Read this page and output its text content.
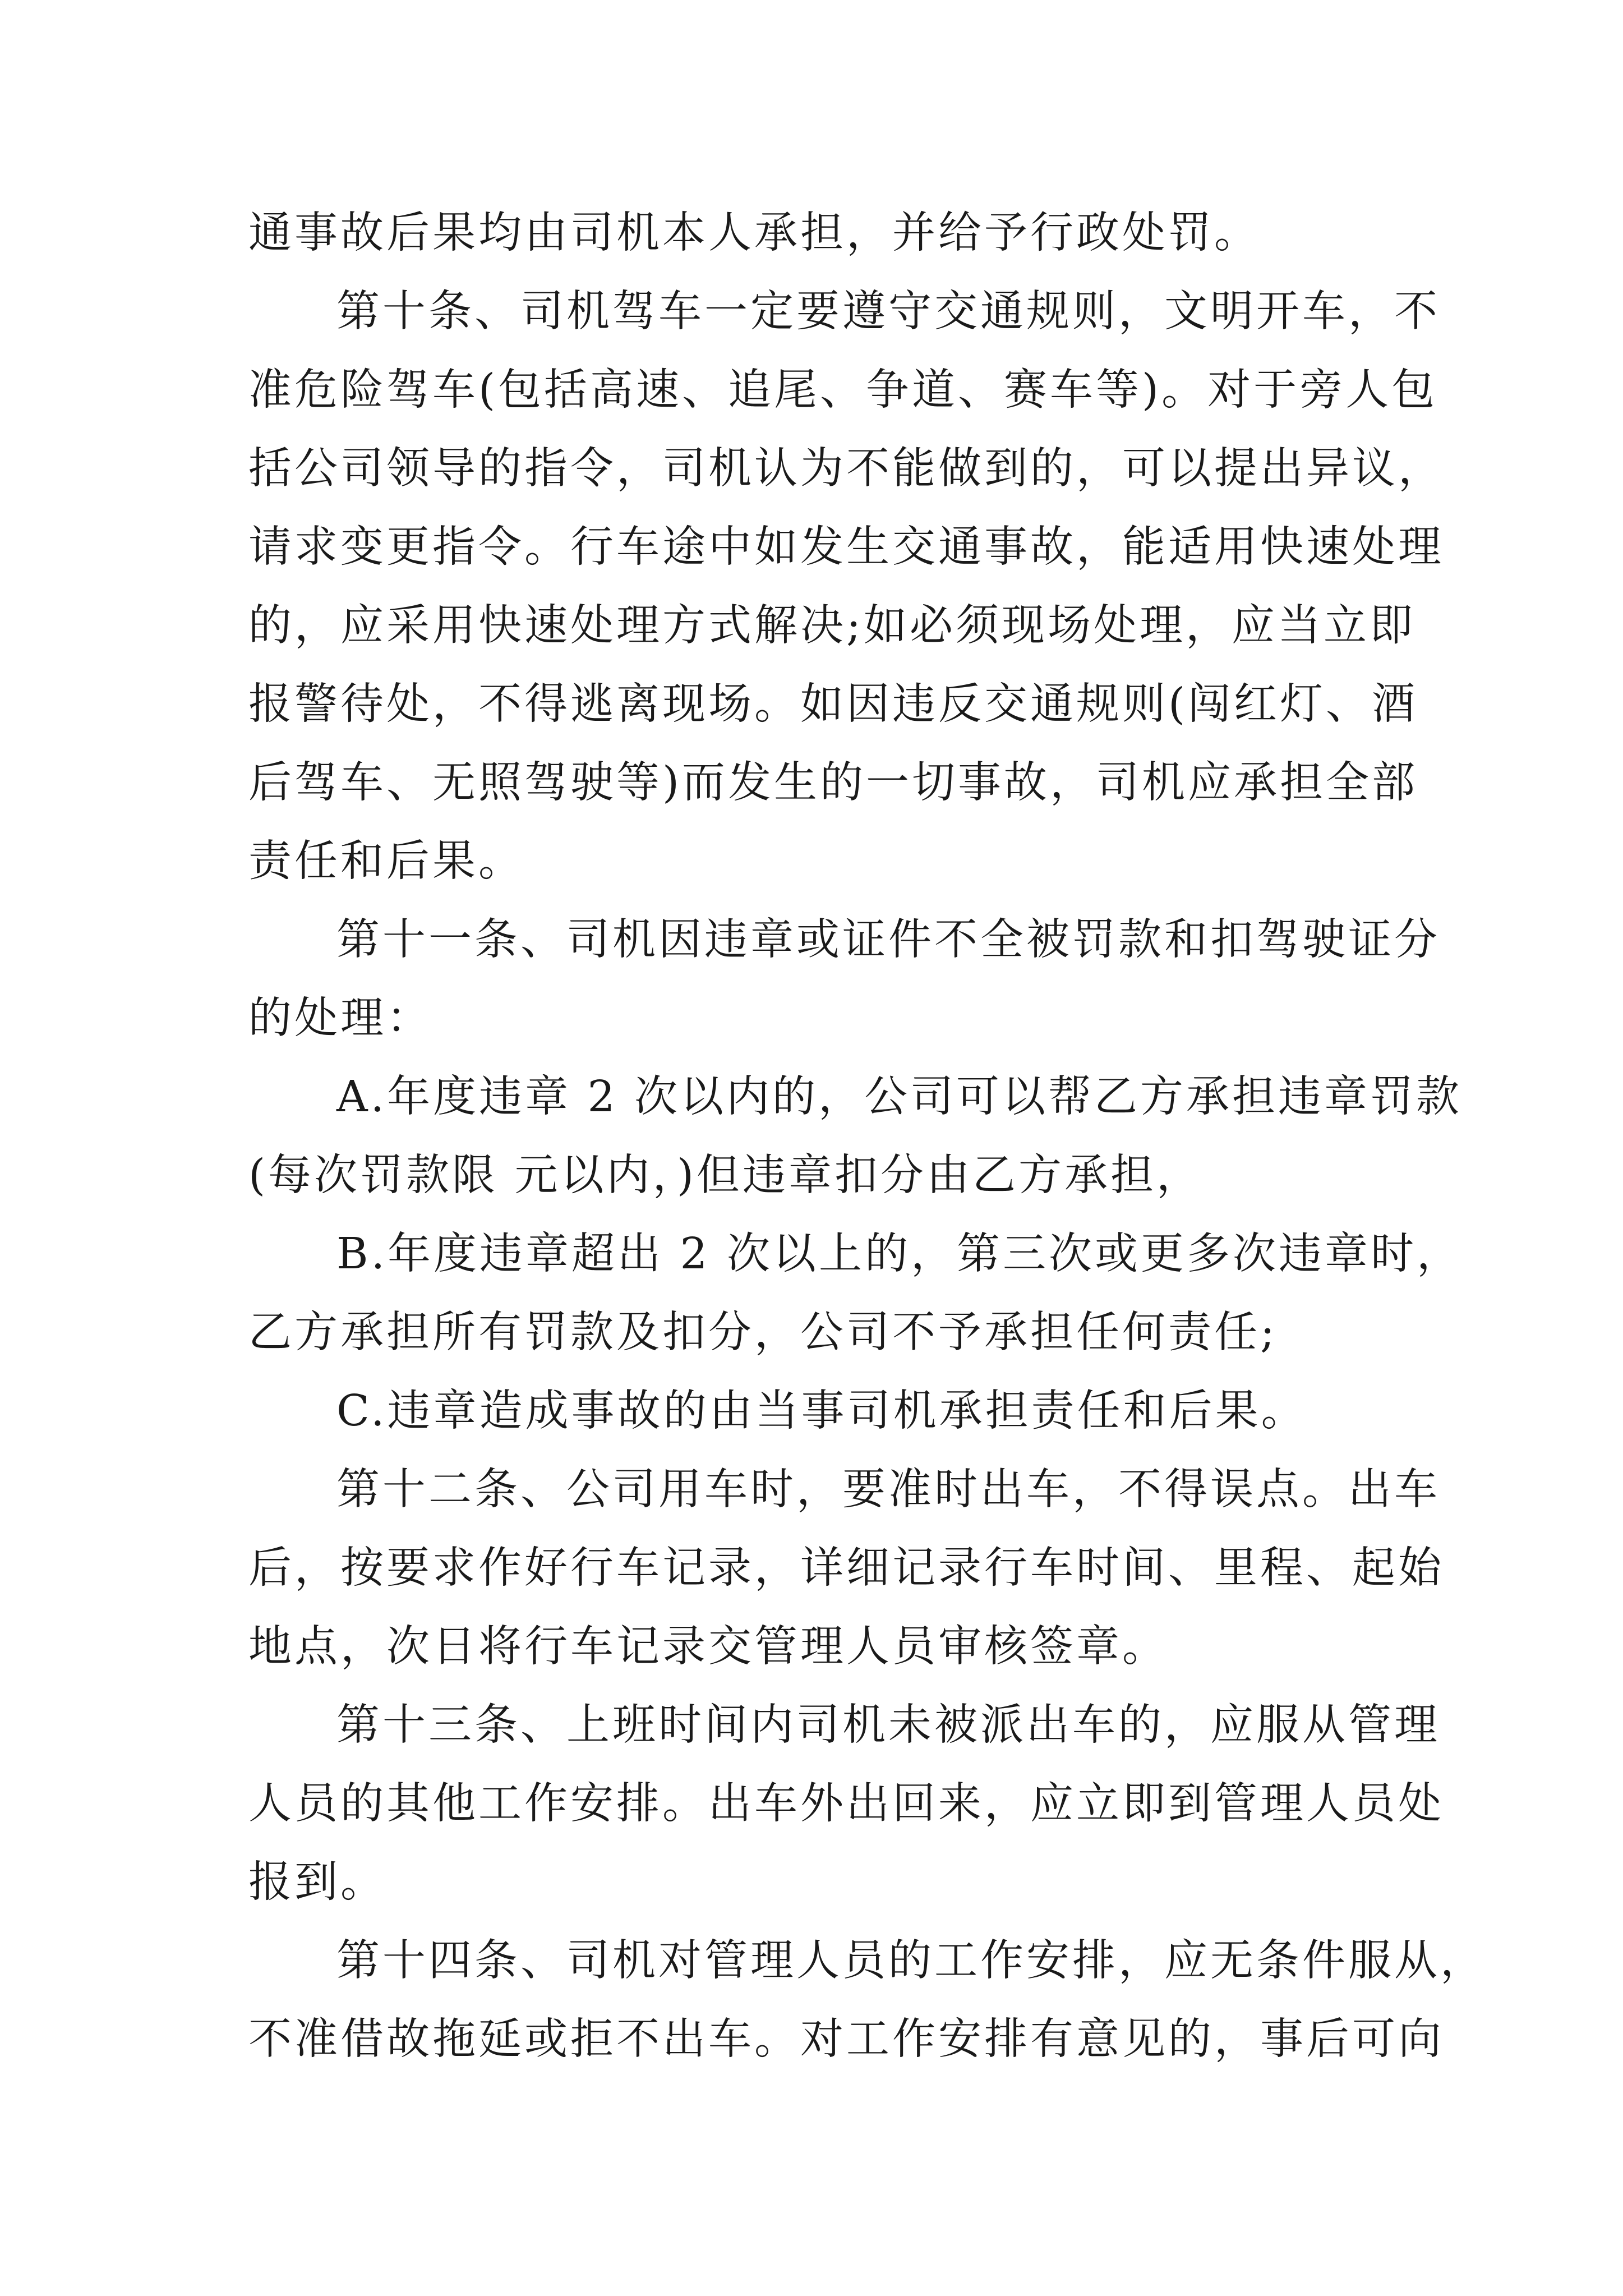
通事故后果均由司机本人承担，并给予行政处罚。
第十条、司机驾车一定要遵守交通规则，文明开车，不
准危险驾车(包括高速、追尾、争道、赛车等)。对于旁人包
括公司领导的指令，司机认为不能做到的，可以提出异议，
请求变更指令。行车途中如发生交通事故，能适用快速处理
的，应采用快速处理方式解决;如必须现场处理，应当立即
报警待处，不得逃离现场。如因违反交通规则(闯红灯、酒
后驾车、无照驾驶等)而发生的一切事故，司机应承担全部
责任和后果。
第十一条、司机因违章或证件不全被罚款和扣驾驶证分
的处理：
A.年度违章 2 次以内的，公司可以帮乙方承担违章罚款
(每次罚款限 元以内，)但违章扣分由乙方承担，
B.年度违章超出 2 次以上的，第三次或更多次违章时，
乙方承担所有罚款及扣分，公司不予承担任何责任;
C.违章造成事故的由当事司机承担责任和后果。
第十二条、公司用车时，要准时出车，不得误点。出车
后，按要求作好行车记录，详细记录行车时间、里程、起始
地点，次日将行车记录交管理人员审核签章。
第十三条、上班时间内司机未被派出车的，应服从管理
人员的其他工作安排。出车外出回来，应立即到管理人员处
报到。
第十四条、司机对管理人员的工作安排，应无条件服从，
不准借故拖延或拒不出车。对工作安排有意见的，事后可向
